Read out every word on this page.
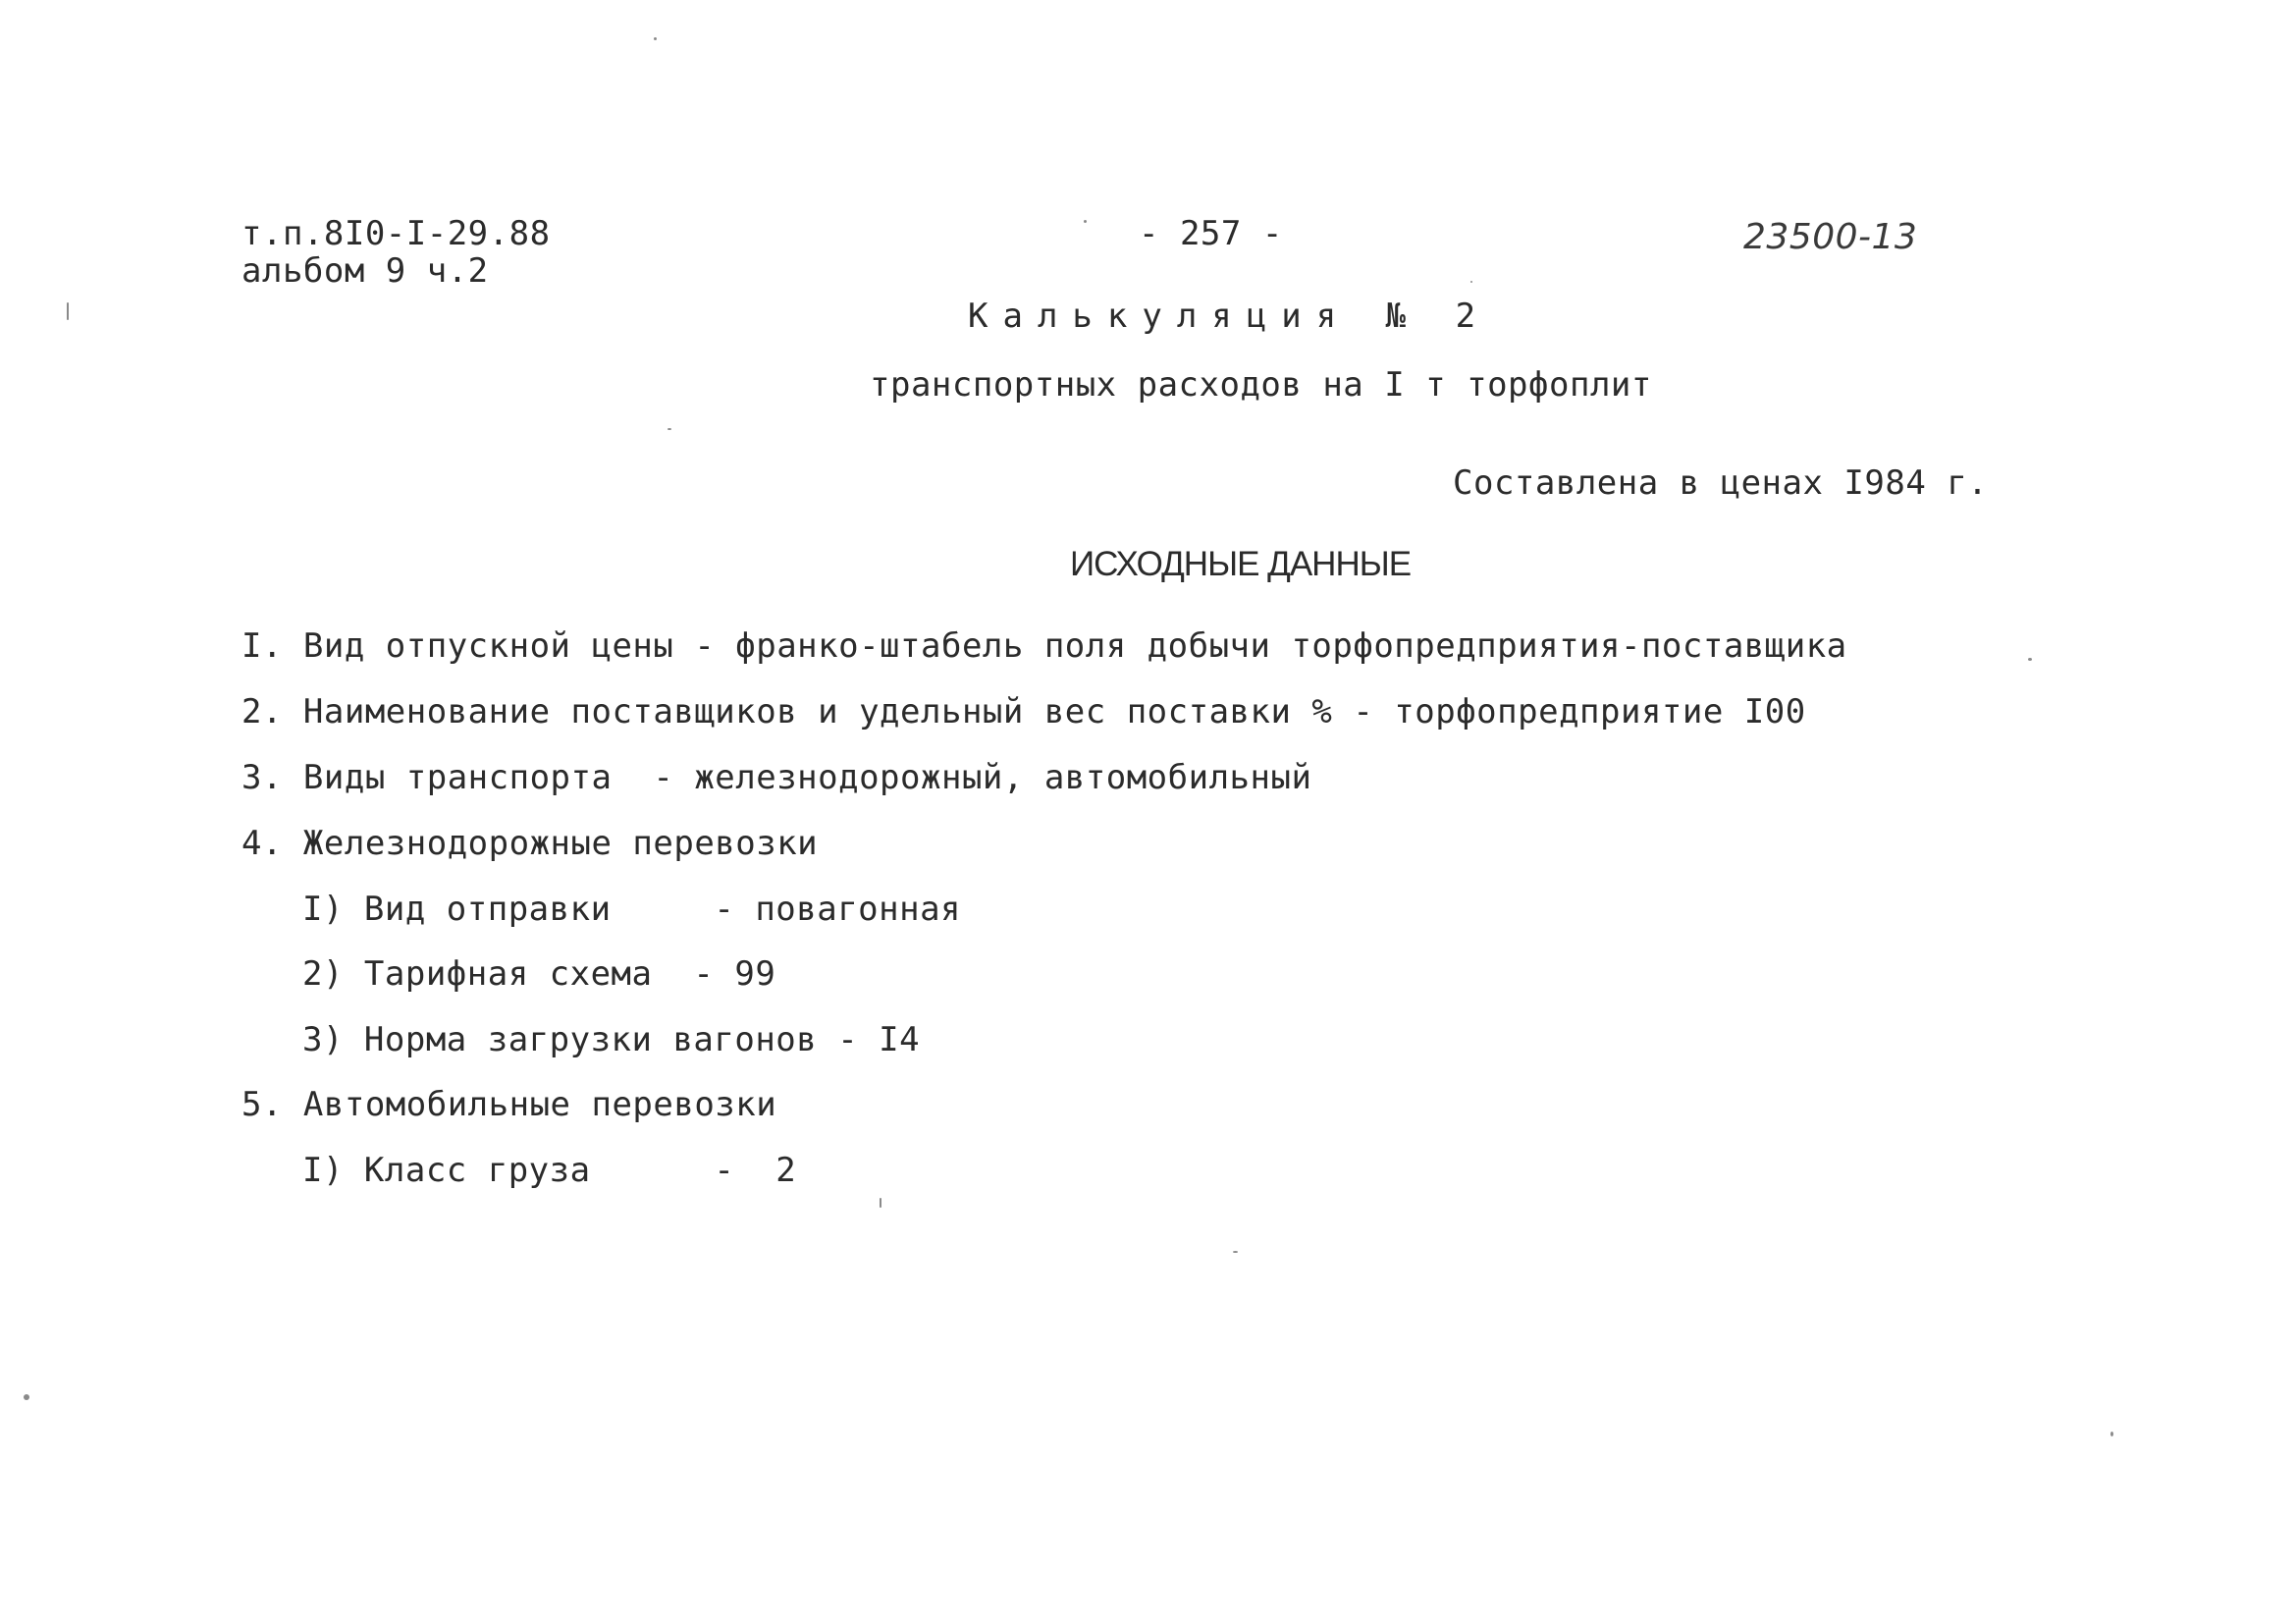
т.п.8I0-I-29.88
альбом 9 ч.2
- 257 -	23500-13
Калькуляция № 2
транспортных расходов на I т торфоплит
Составлена в ценах I984 г.
ИСХОДНЫЕ ДАННЫЕ
I. Вид отпускной цены - франко-штабель поля добычи торфопредприятия-поставщика
2. Наименование поставщиков и удельный вес поставки % - торфопредприятие I00
3. Виды транспорта  - железнодорожный, автомобильный
4. Железнодорожные перевозки
I) Вид отправки     - повагонная
2) Тарифная схема  - 99
3) Норма загрузки вагонов - I4
5. Автомобильные перевозки
I) Класс груза      -  2
